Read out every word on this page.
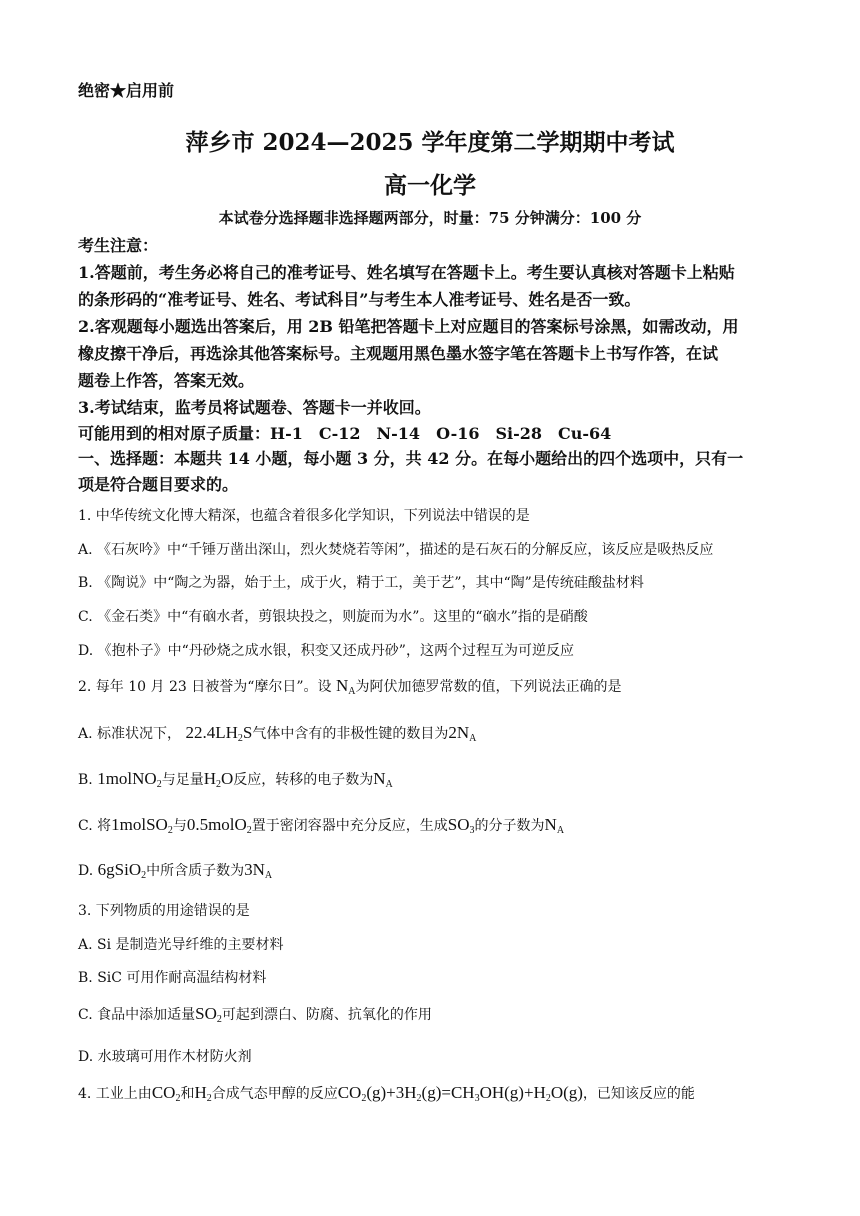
绝密★启用前
萍乡市 2024—2025 学年度第二学期期中考试
高一化学
本试卷分选择题非选择题两部分，时量：75 分钟满分：100 分
考生注意：
1.答题前，考生务必将自己的准考证号、姓名填写在答题卡上。考生要认真核对答题卡上粘贴
的条形码的“准考证号、姓名、考试科目”与考生本人准考证号、姓名是否一致。
2.客观题每小题选出答案后，用 2B 铅笔把答题卡上对应题目的答案标号涂黑，如需改动，用
橡皮擦干净后，再选涂其他答案标号。主观题用黑色墨水签字笔在答题卡上书写作答，在试
题卷上作答，答案无效。
3.考试结束，监考员将试题卷、答题卡一并收回。
可能用到的相对原子质量：H-1　C-12　N-14　O-16　Si-28　Cu-64
一、选择题：本题共 14 小题，每小题 3 分，共 42 分。在每小题给出的四个选项中，只有一
项是符合题目要求的。
1. 中华传统文化博大精深，也蕴含着很多化学知识，下列说法中错误的是
A. 《石灰吟》中“千锤万凿出深山，烈火焚烧若等闲”，描述的是石灰石的分解反应，该反应是吸热反应
B. 《陶说》中“陶之为器，始于土，成于火，精于工，美于艺”，其中“陶”是传统硅酸盐材料
C. 《金石类》中“有硇水者，剪银块投之，则旋而为水”。这里的“硇水”指的是硝酸
D. 《抱朴子》中“丹砂烧之成水银，积变又还成丹砂”，这两个过程互为可逆反应
2. 每年 10 月 23 日被誉为“摩尔日”。设 $N_A$为阿伏加德罗常数的值，下列说法正确的是
A. 标准状况下， $22.4LH_2S$气体中含有的非极性键的数目为$2N_A$
B. 1molNO$_2$与足量$H_2O$反应，转移的电子数为$N_A$
C. 将1molSO$_2$与0.5molO$_2$置于密闭容器中充分反应，生成$SO_3$的分子数为$N_A$
D. 6gSiO$_2$中所含质子数为$3N_A$
3. 下列物质的用途错误的是
A. Si 是制造光导纤维的主要材料
B. SiC 可用作耐高温结构材料
C. 食品中添加适量$SO_2$可起到漂白、防腐、抗氧化的作用
D. 水玻璃可用作木材防火剂
4. 工业上由$CO_2$和$H_2$合成气态甲醇的反应$CO_2(g)+3H_2(g)=CH_3OH(g)+H_2O(g)$，已知该反应的能
